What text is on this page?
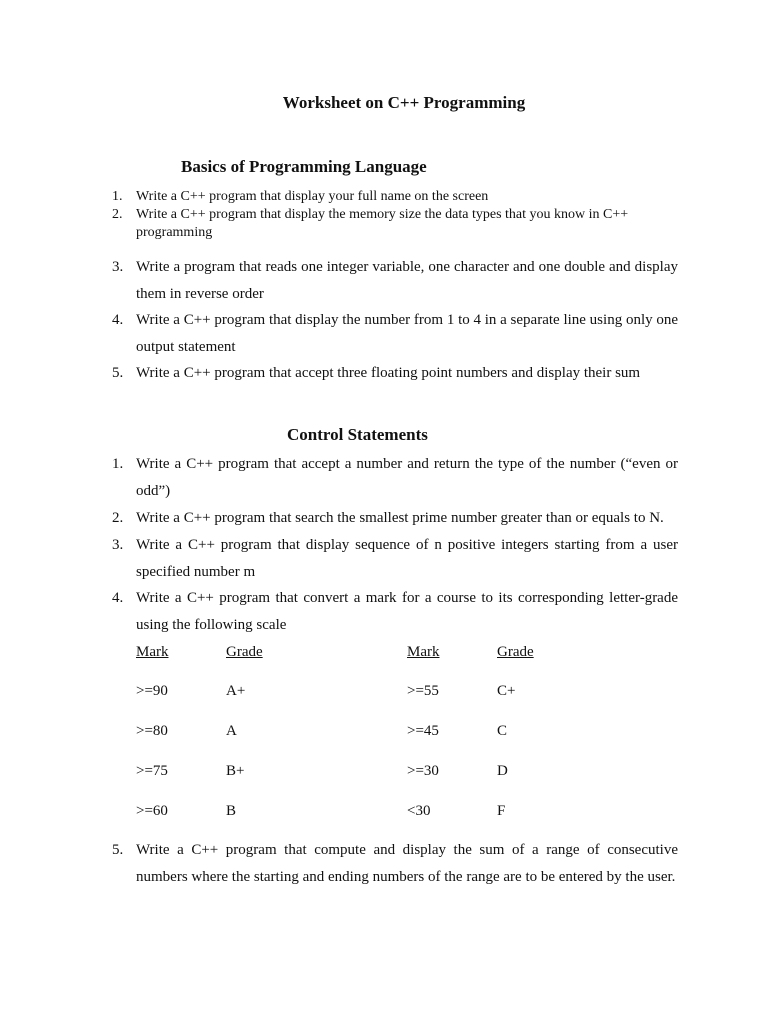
Worksheet on C++ Programming
Basics of Programming Language
1. Write a C++ program that display your full name on the screen
2. Write a C++ program that display the memory size the data types that you know in C++ programming
3. Write a program that reads one integer variable, one character and one double and display them in reverse order
4. Write a C++ program that display the number from 1 to 4 in a separate line using only one output statement
5. Write a C++ program that accept three floating point numbers and display their sum
Control Statements
1. Write a C++ program that accept a number and return the type of the number (“even or odd”)
2. Write a C++ program that search the smallest prime number greater than or equals to N.
3. Write a C++ program that display sequence of n positive integers starting from a user specified number m
4. Write a C++ program that convert a mark for a course to its corresponding letter-grade using the following scale
Mark	Grade	Mark	Grade
>=90	A+	>=55	C+
>=80	A	>=45	C
>=75	B+	>=30	D
>=60	B	<30	F
5. Write a C++ program that compute and display the sum of a range of consecutive numbers where the starting and ending numbers of the range are to be entered by the user.
